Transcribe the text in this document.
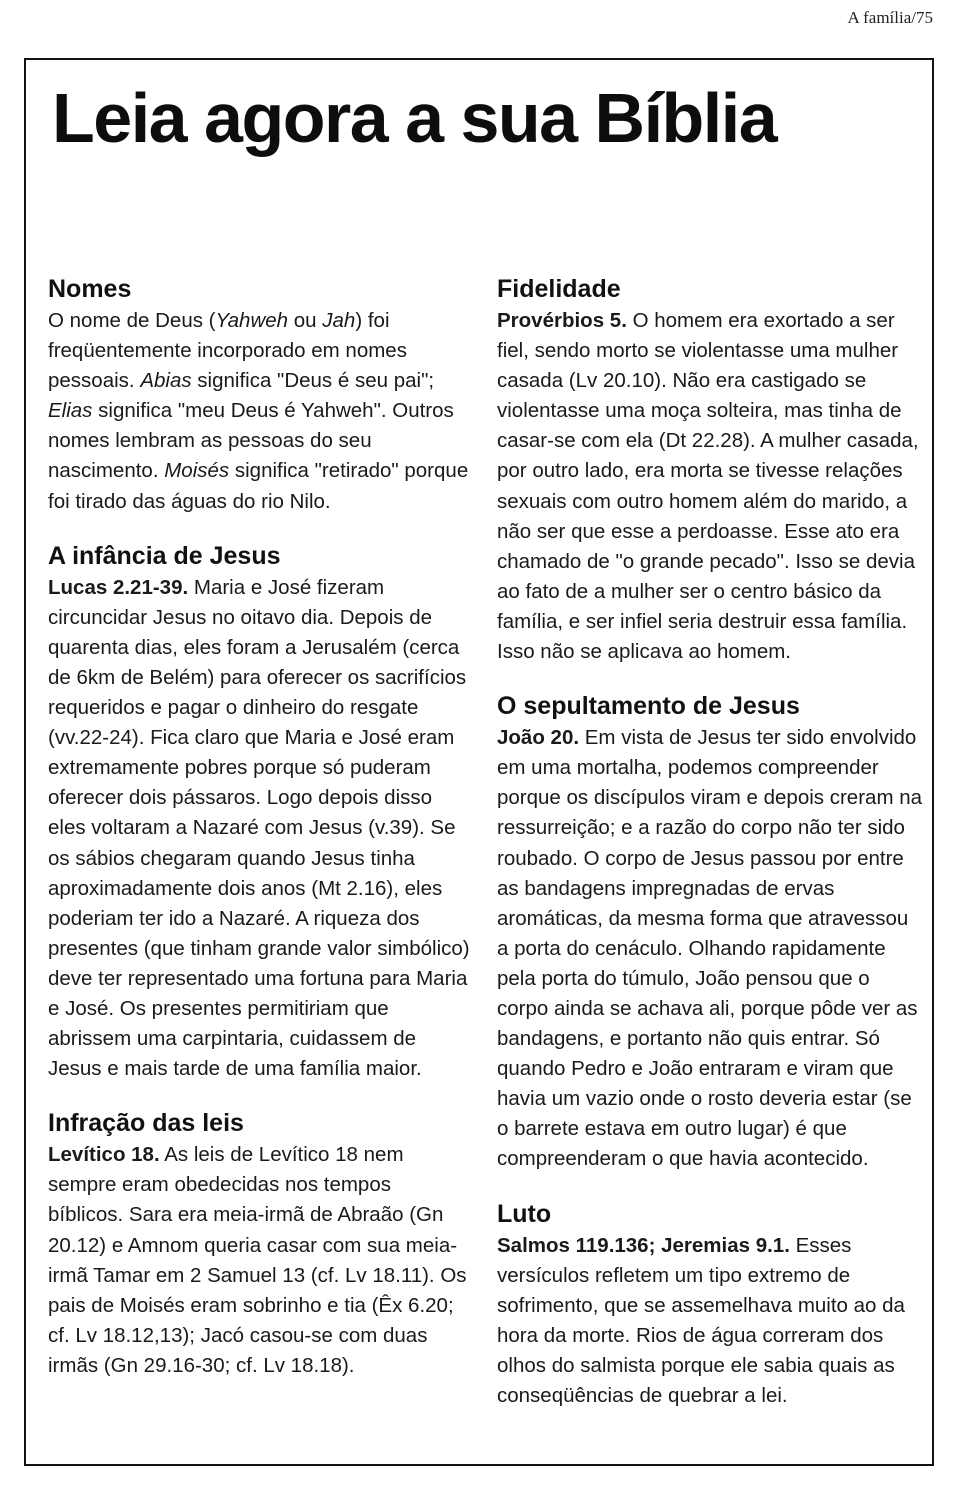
A família/75
Leia agora a sua Bíblia
Nomes

O nome de Deus (Yahweh ou Jah) foi freqüentemente incorporado em nomes pessoais. Abias significa "Deus é seu pai"; Elias significa "meu Deus é Yahweh". Outros nomes lembram as pessoas do seu nascimento. Moisés significa "retirado" porque foi tirado das águas do rio Nilo.

A infância de Jesus

Lucas 2.21-39. Maria e José fizeram circuncidar Jesus no oitavo dia. Depois de quarenta dias, eles foram a Jerusalém (cerca de 6km de Belém) para oferecer os sacrifícios requeridos e pagar o dinheiro do resgate (vv.22-24). Fica claro que Maria e José eram extremamente pobres porque só puderam oferecer dois pássaros. Logo depois disso eles voltaram a Nazaré com Jesus (v.39). Se os sábios chegaram quando Jesus tinha aproximadamente dois anos (Mt 2.16), eles poderiam ter ido a Nazaré. A riqueza dos presentes (que tinham grande valor simbólico) deve ter representado uma fortuna para Maria e José. Os presentes permitiriam que abrissem uma carpintaria, cuidassem de Jesus e mais tarde de uma família maior.

Infração das leis

Levítico 18. As leis de Levítico 18 nem sempre eram obedecidas nos tempos bíblicos. Sara era meia-irmã de Abraão (Gn 20.12) e Amnom queria casar com sua meia-irmã Tamar em 2 Samuel 13 (cf. Lv 18.11). Os pais de Moisés eram sobrinho e tia (Êx 6.20; cf. Lv 18.12,13); Jacó casou-se com duas irmãs (Gn 29.16-30; cf. Lv 18.18).

Fidelidade

Provérbios 5. O homem era exortado a ser fiel, sendo morto se violentasse uma mulher casada (Lv 20.10). Não era castigado se violentasse uma moça solteira, mas tinha de casar-se com ela (Dt 22.28). A mulher casada, por outro lado, era morta se tivesse relações sexuais com outro homem além do marido, a não ser que esse a perdoasse. Esse ato era chamado de "o grande pecado". Isso se devia ao fato de a mulher ser o centro básico da família, e ser infiel seria destruir essa família. Isso não se aplicava ao homem.

O sepultamento de Jesus

João 20. Em vista de Jesus ter sido envolvido em uma mortalha, podemos compreender porque os discípulos viram e depois creram na ressurreição; e a razão do corpo não ter sido roubado. O corpo de Jesus passou por entre as bandagens impregnadas de ervas aromáticas, da mesma forma que atravessou a porta do cenáculo. Olhando rapidamente pela porta do túmulo, João pensou que o corpo ainda se achava ali, porque pôde ver as bandagens, e portanto não quis entrar. Só quando Pedro e João entraram e viram que havia um vazio onde o rosto deveria estar (se o barrete estava em outro lugar) é que compreenderam o que havia acontecido.

Luto

Salmos 119.136; Jeremias 9.1. Esses versículos refletem um tipo extremo de sofrimento, que se assemelhava muito ao da hora da morte. Rios de água correram dos olhos do salmista porque ele sabia quais as conseqüências de quebrar a lei.
